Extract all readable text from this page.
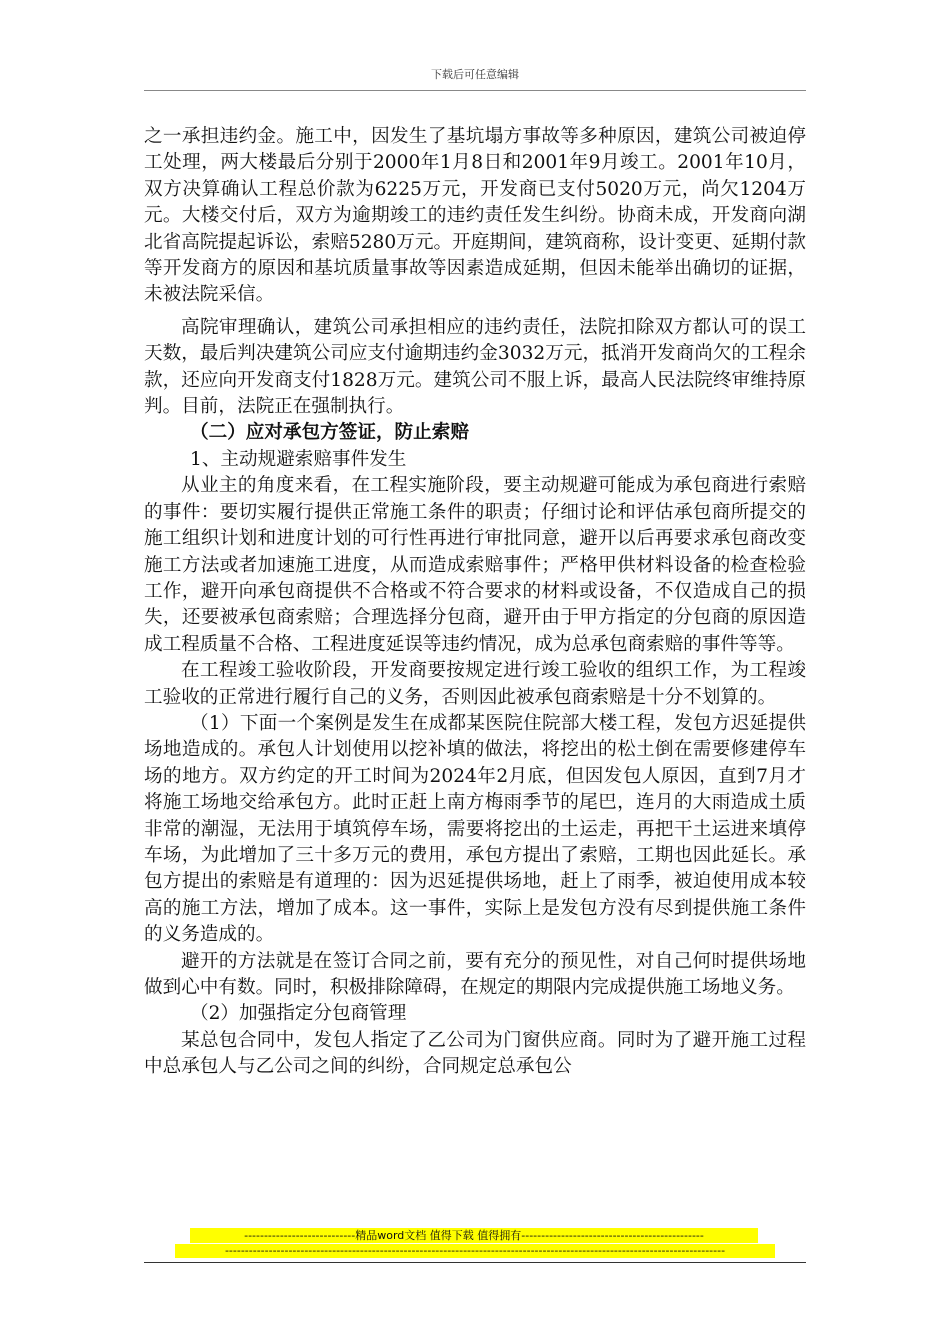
下载后可任意编辑

之一承担违约金。施工中，因发生了基坑塌方事故等多种原因，建筑公司被迫停工处理，两大楼最后分别于2000年1月8日和2001年9月竣工。2001年10月，双方决算确认工程总价款为6225万元，开发商已支付5020万元，尚欠1204万元。大楼交付后，双方为逾期竣工的违约责任发生纠纷。协商未成，开发商向湖北省高院提起诉讼，索赔5280万元。开庭期间，建筑商称，设计变更、延期付款等开发商方的原因和基坑质量事故等因素造成延期，但因未能举出确切的证据，未被法院采信。

高院审理确认，建筑公司承担相应的违约责任，法院扣除双方都认可的误工天数，最后判决建筑公司应支付逾期违约金3032万元，抵消开发商尚欠的工程余款，还应向开发商支付1828万元。建筑公司不服上诉，最高人民法院终审维持原判。目前，法院正在强制执行。

（二）应对承包方签证，防止索赔

1、主动规避索赔事件发生

从业主的角度来看，在工程实施阶段，要主动规避可能成为承包商进行索赔的事件：要切实履行提供正常施工条件的职责；仔细讨论和评估承包商所提交的施工组织计划和进度计划的可行性再进行审批同意，避开以后再要求承包商改变施工方法或者加速施工进度，从而造成索赔事件；严格甲供材料设备的检查检验工作，避开向承包商提供不合格或不符合要求的材料或设备，不仅造成自己的损失，还要被承包商索赔；合理选择分包商，避开由于甲方指定的分包商的原因造成工程质量不合格、工程进度延误等违约情况，成为总承包商索赔的事件等等。

在工程竣工验收阶段，开发商要按规定进行竣工验收的组织工作，为工程竣工验收的正常进行履行自己的义务，否则因此被承包商索赔是十分不划算的。

（1）下面一个案例是发生在成都某医院住院部大楼工程，发包方迟延提供场地造成的。承包人计划使用以挖补填的做法，将挖出的松土倒在需要修建停车场的地方。双方约定的开工时间为2024年2月底，但因发包人原因，直到7月才将施工场地交给承包方。此时正赶上南方梅雨季节的尾巴，连月的大雨造成土质非常的潮湿，无法用于填筑停车场，需要将挖出的土运走，再把干土运进来填停车场，为此增加了三十多万元的费用，承包方提出了索赔，工期也因此延长。承包方提出的索赔是有道理的：因为迟延提供场地，赶上了雨季，被迫使用成本较高的施工方法，增加了成本。这一事件，实际上是发包方没有尽到提供施工条件的义务造成的。

避开的方法就是在签订合同之前，要有充分的预见性，对自己何时提供场地做到心中有数。同时，积极排除障碍，在规定的期限内完成提供施工场地义务。

（2）加强指定分包商管理

某总包合同中，发包人指定了乙公司为门窗供应商。同时为了避开施工过程中总承包人与乙公司之间的纠纷，合同规定总承包公

----------------------------精品word文档 值得下载 值得拥有----------------------------------------------
------------------------------------------------------------------------------------------------------------------------------
